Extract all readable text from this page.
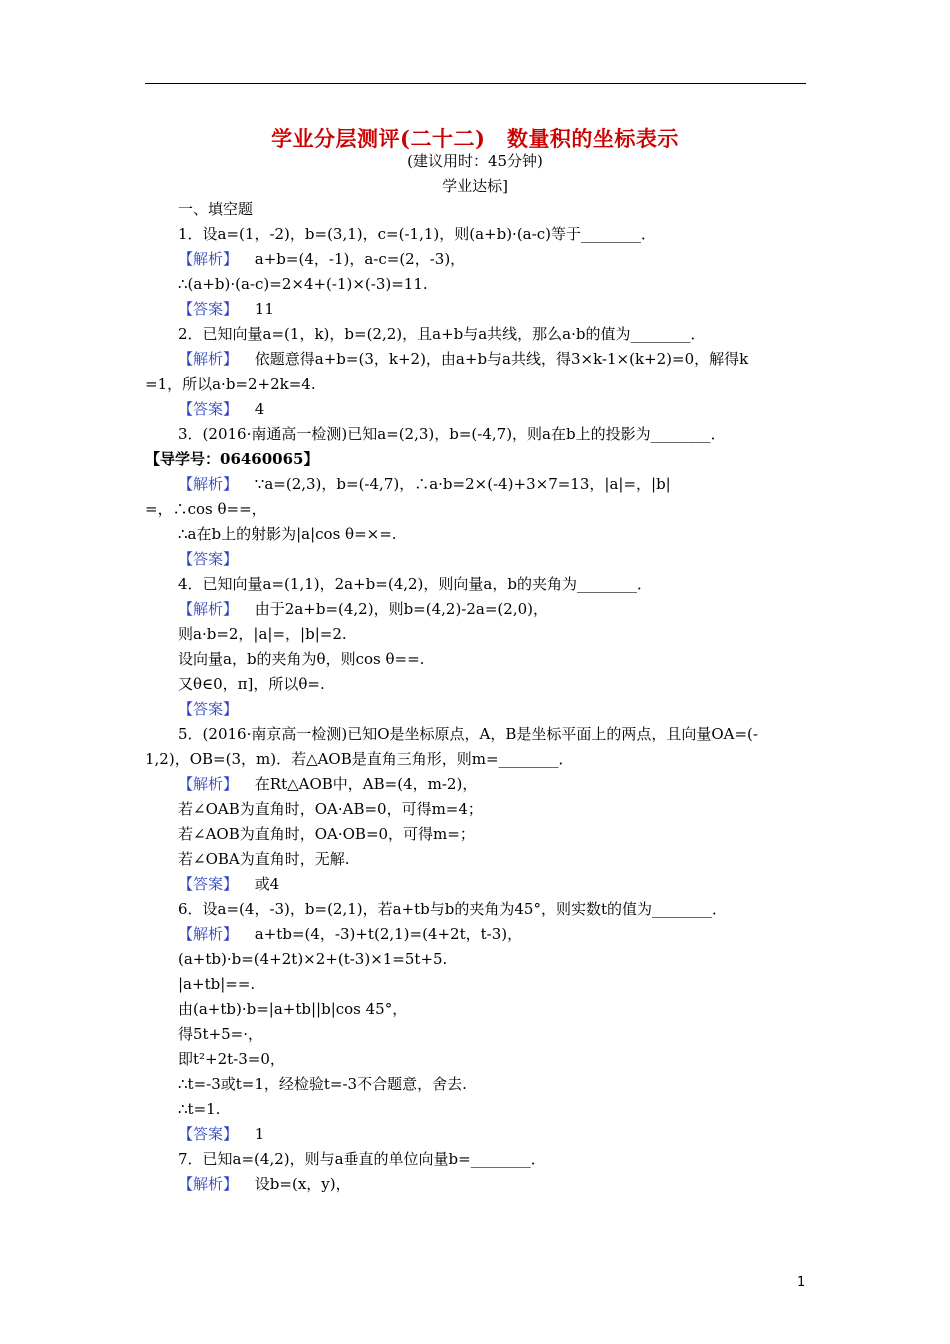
学业分层测评(二十二)　数量积的坐标表示
(建议用时：45分钟)
学业达标]
一、填空题
1．设a=(1，-2)，b=(3,1)，c=(-1,1)，则(a+b)·(a-c)等于________．
【解析】 a+b=(4，-1)，a-c=(2，-3)，
∴(a+b)·(a-c)=2×4+(-1)×(-3)=11.
【答案】 11
2．已知向量a=(1，k)，b=(2,2)，且a+b与a共线，那么a·b的值为________．
【解析】 依题意得a+b=(3，k+2)，由a+b与a共线，得3×k-1×(k+2)=0，解得k
=1，所以a·b=2+2k=4.
【答案】 4
3．(2016·南通高一检测)已知a=(2,3)，b=(-4,7)，则a在b上的投影为________．
【导学号：06460065】
【解析】 ∵a=(2,3)，b=(-4,7)，∴a·b=2×(-4)+3×7=13，|a|=，|b|
=，∴cos θ==，
∴a在b上的射影为|a|cos θ=×=.
【答案】
4．已知向量a=(1,1)，2a+b=(4,2)，则向量a，b的夹角为________．
【解析】 由于2a+b=(4,2)，则b=(4,2)-2a=(2,0)，
则a·b=2，|a|=，|b|=2.
设向量a，b的夹角为θ，则cos θ==.
又θ∈0，π]，所以θ=.
【答案】
5．(2016·南京高一检测)已知O是坐标原点，A，B是坐标平面上的两点，且向量OA=(-
1,2)，OB=(3，m)．若△AOB是直角三角形，则m=________．
【解析】 在Rt△AOB中，AB=(4，m-2)，
若∠OAB为直角时，OA·AB=0，可得m=4；
若∠AOB为直角时，OA·OB=0，可得m=；
若∠OBA为直角时，无解.
【答案】 或4
6．设a=(4，-3)，b=(2,1)，若a+tb与b的夹角为45°，则实数t的值为________．
【解析】 a+tb=(4，-3)+t(2,1)=(4+2t，t-3)，
(a+tb)·b=(4+2t)×2+(t-3)×1=5t+5.
|a+tb|==.
由(a+tb)·b=|a+tb||b|cos 45°，
得5t+5=·，
即t²+2t-3=0，
∴t=-3或t=1，经检验t=-3不合题意，舍去.
∴t=1.
【答案】 1
7．已知a=(4,2)，则与a垂直的单位向量b=________．
【解析】 设b=(x，y)，
1
